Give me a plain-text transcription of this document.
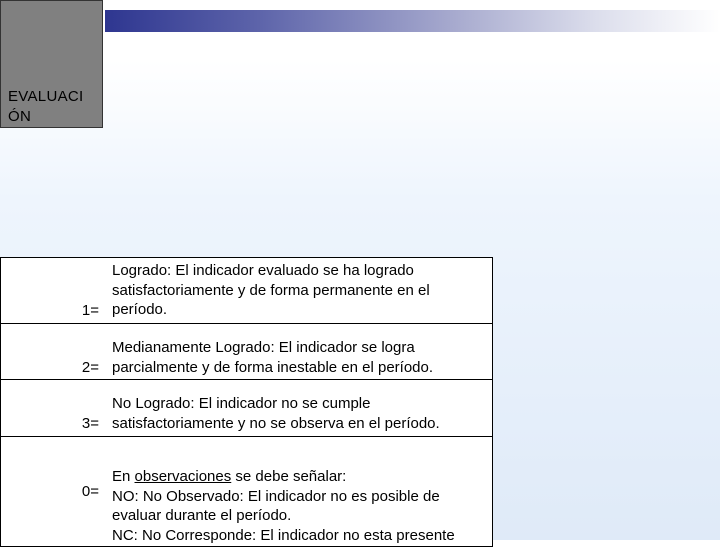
EVALUACI
ÓN
1=
Logrado: El indicador evaluado se ha logrado satisfactoriamente y de forma permanente en el período.
2=
Medianamente Logrado: El indicador se logra parcialmente y de forma inestable en el período.
3=
No Logrado: El indicador no se cumple satisfactoriamente y no se observa en el período.
0=
En observaciones se debe señalar:
NO: No Observado: El indicador no es posible de evaluar durante el período.
NC: No Corresponde: El indicador no esta presente
